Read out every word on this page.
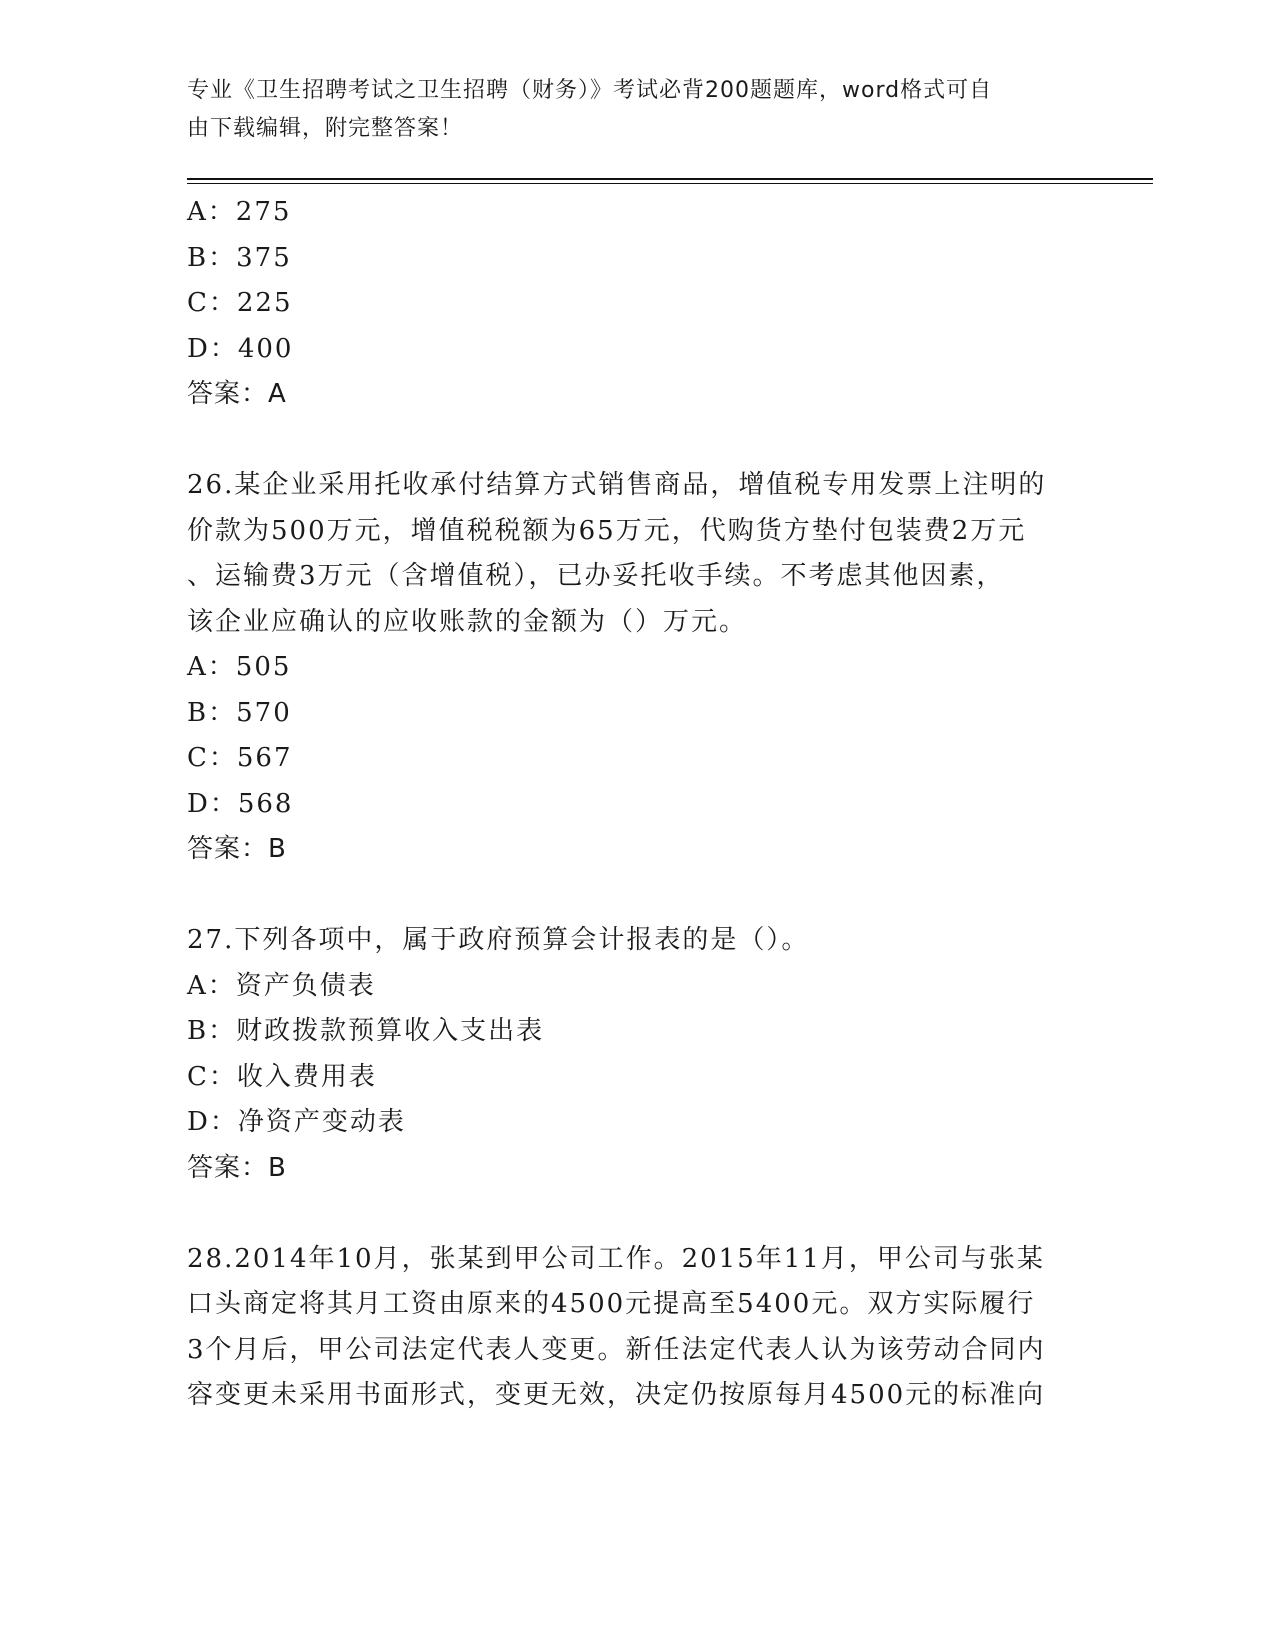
专业《卫生招聘考试之卫生招聘（财务）》考试必背200题题库，word格式可自
由下载编辑，附完整答案！
A：275
B：375
C：225
D：400
答案：A
26.某企业采用托收承付结算方式销售商品，增值税专用发票上注明的
价款为500万元，增值税税额为65万元，代购货方垫付包装费2万元
、运输费3万元（含增值税），已办妥托收手续。不考虑其他因素，
该企业应确认的应收账款的金额为（）万元。
A：505
B：570
C：567
D：568
答案：B
27.下列各项中，属于政府预算会计报表的是（）。
A：资产负债表
B：财政拨款预算收入支出表
C：收入费用表
D：净资产变动表
答案：B
28.2014年10月，张某到甲公司工作。2015年11月，甲公司与张某
口头商定将其月工资由原来的4500元提高至5400元。双方实际履行
3个月后，甲公司法定代表人变更。新任法定代表人认为该劳动合同内
容变更未采用书面形式，变更无效，决定仍按原每月4500元的标准向
